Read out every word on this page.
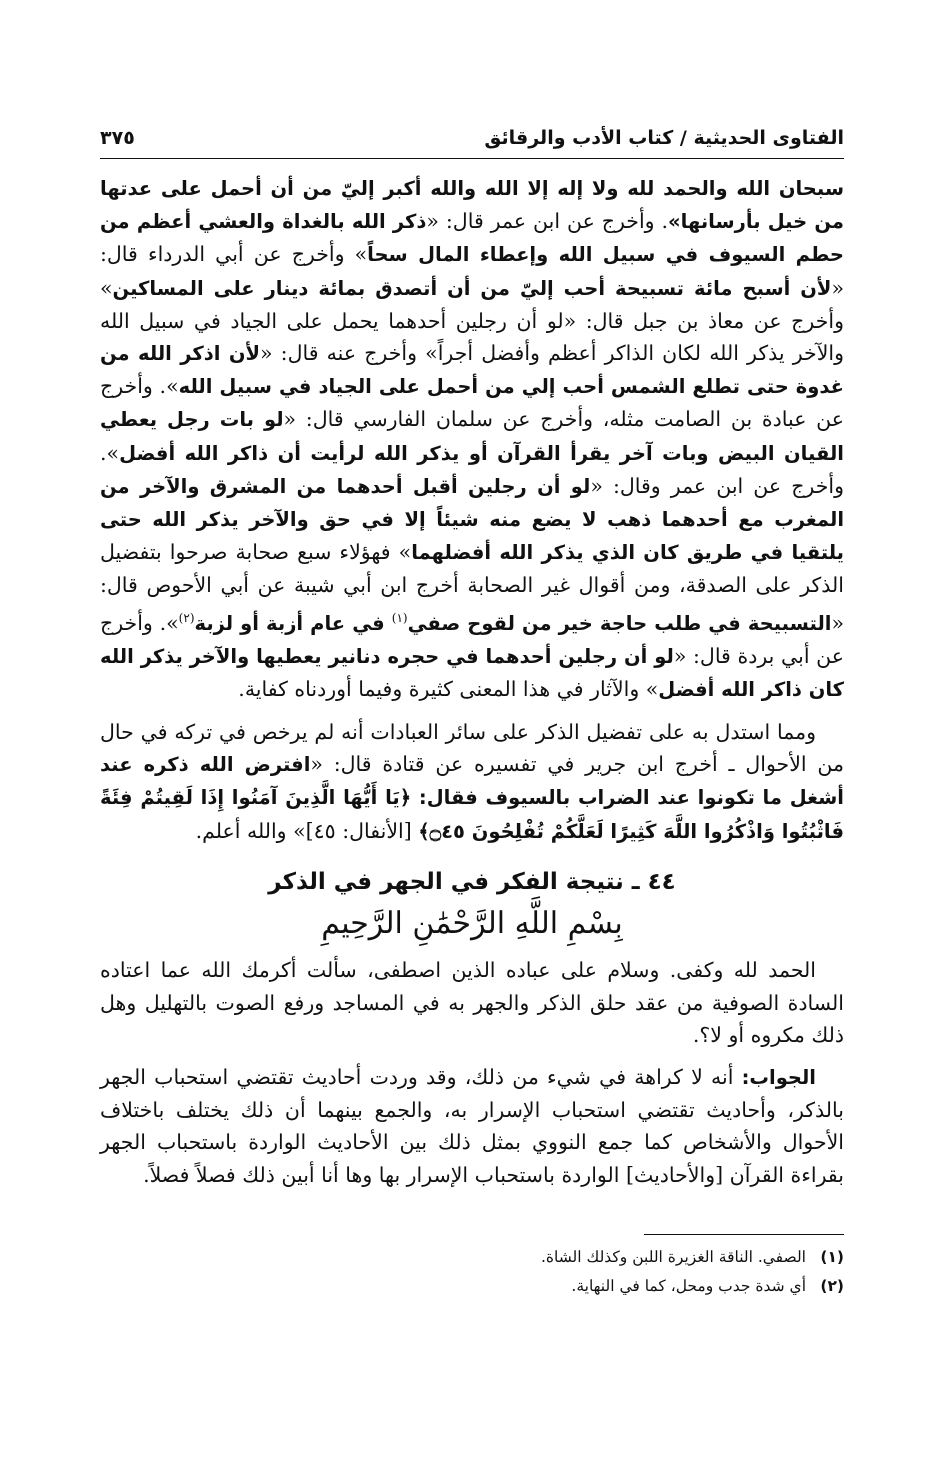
الفتاوى الحديثية / كتاب الأدب والرقائق
٣٧٥

سبحان الله والحمد لله ولا إله إلا الله والله أكبر إليّ من أن أحمل على عدتها من خيل بأرسانها». وأخرج عن ابن عمر قال: «ذكر الله بالغداة والعشي أعظم من حطم السيوف في سبيل الله وإعطاء المال سحاً» وأخرج عن أبي الدرداء قال: «لأن أسبح مائة تسبيحة أحب إليّ من أن أتصدق بمائة دينار على المساكين» وأخرج عن معاذ بن جبل قال: «لو أن رجلين أحدهما يحمل على الجياد في سبيل الله والآخر يذكر الله لكان الذاكر أعظم وأفضل أجراً» وأخرج عنه قال: «لأن اذكر الله من غدوة حتى تطلع الشمس أحب إلي من أحمل على الجياد في سبيل الله». وأخرج عن عبادة بن الصامت مثله، وأخرج عن سلمان الفارسي قال: «لو بات رجل يعطي القيان البيض وبات آخر يقرأ القرآن أو يذكر الله لرأيت أن ذاكر الله أفضل». وأخرج عن ابن عمر وقال: «لو أن رجلين أقبل أحدهما من المشرق والآخر من المغرب مع أحدهما ذهب لا يضع منه شيئاً إلا في حق والآخر يذكر الله حتى يلتقيا في طريق كان الذي يذكر الله أفضلهما» فهؤلاء سبع صحابة صرحوا بتفضيل الذكر على الصدقة، ومن أقوال غير الصحابة أخرج ابن أبي شيبة عن أبي الأحوص قال: «التسبيحة في طلب حاجة خير من لقوح صفي$^{(١)}$ في عام أزبة أو لزبة$^{(٢)}$». وأخرج عن أبي بردة قال: «لو أن رجلين أحدهما في حجره دنانير يعطيها والآخر يذكر الله كان ذاكر الله أفضل» والآثار في هذا المعنى كثيرة وفيما أوردناه كفاية.

ومما استدل به على تفضيل الذكر على سائر العبادات أنه لم يرخص في تركه في حال من الأحوال ـ أخرج ابن جرير في تفسيره عن قتادة قال: «افترض الله ذكره عند أشغل ما تكونوا عند الضراب بالسيوف فقال: ﴿يَا أَيُّهَا الَّذِينَ آمَنُوا إِذَا لَقِيتُمْ فِئَةً فَاثْبُتُوا وَاذْكُرُوا اللَّهَ كَثِيرًا لَعَلَّكُمْ تُفْلِحُونَ ۝٤٥﴾ [الأنفال: ٤٥]» والله أعلم.

٤٤ ـ نتيجة الفكر في الجهر في الذكر
بِسْمِ اللَّهِ الرَّحْمَٰنِ الرَّحِيمِ

الحمد لله وكفى. وسلام على عباده الذين اصطفى، سألت أكرمك الله عما اعتاده السادة الصوفية من عقد حلق الذكر والجهر به في المساجد ورفع الصوت بالتهليل وهل ذلك مكروه أو لا؟.

الجواب: أنه لا كراهة في شيء من ذلك، وقد وردت أحاديث تقتضي استحباب الجهر بالذكر، وأحاديث تقتضي استحباب الإسرار به، والجمع بينهما أن ذلك يختلف باختلاف الأحوال والأشخاص كما جمع النووي بمثل ذلك بين الأحاديث الواردة باستحباب الجهر بقراءة القرآن [والأحاديث] الواردة باستحباب الإسرار بها وها أنا أبين ذلك فصلاً فصلاً.

(١)
الصفي. الناقة الغزيرة اللبن وكذلك الشاة.
(٢)
أي شدة جدب ومحل، كما في النهاية.
